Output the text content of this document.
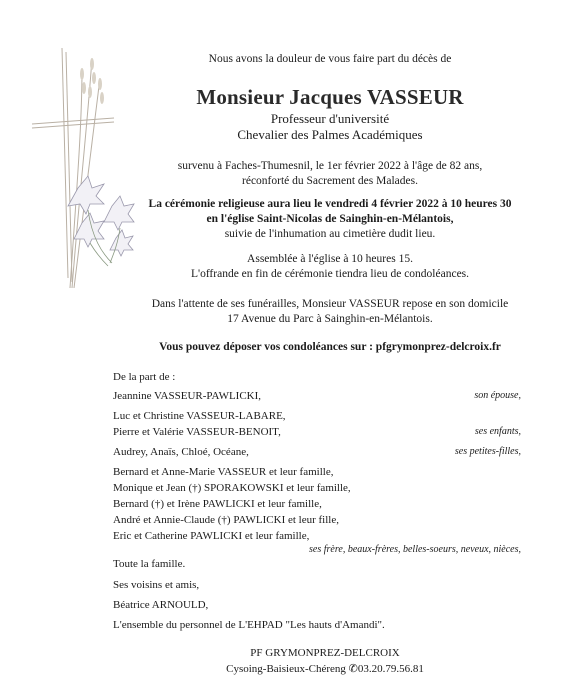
Nous avons la douleur de vous faire part du décès de
Monsieur Jacques VASSEUR
Professeur d'université
Chevalier des Palmes Académiques
survenu à Faches-Thumesnil, le 1er février 2022 à l'âge de 82 ans,
réconforté du Sacrement des Malades.
La cérémonie religieuse aura lieu le vendredi 4 février 2022 à 10 heures 30
en l'église Saint-Nicolas de Sainghin-en-Mélantois,
suivie de l'inhumation au cimetière dudit lieu.
Assemblée à l'église à 10 heures 15.
L'offrande en fin de cérémonie tiendra lieu de condoléances.
Dans l'attente de ses funérailles, Monsieur VASSEUR repose en son domicile
17 Avenue du Parc à Sainghin-en-Mélantois.
Vous pouvez déposer vos condoléances sur : pfgrymonprez-delcroix.fr
De la part de :
Jeannine VASSEUR-PAWLICKI,	son épouse,
Luc et Christine VASSEUR-LABARE,
Pierre et Valérie VASSEUR-BENOIT,	ses enfants,
Audrey, Anaïs, Chloé, Océane,	ses petites-filles,
Bernard et Anne-Marie VASSEUR et leur famille,
Monique et Jean (†) SPORAKOWSKI et leur famille,
Bernard (†) et Irène PAWLICKI et leur famille,
André et Annie-Claude (†) PAWLICKI et leur fille,
Eric et Catherine PAWLICKI et leur famille,
ses frère, beaux-frères, belles-soeurs, neveux, nièces,
Toute la famille.
Ses voisins et amis,
Béatrice ARNOULD,
L'ensemble du personnel de L'EHPAD "Les hauts d'Amandi".
PF GRYMONPREZ-DELCROIX
Cysoing-Baisieux-Chéreng ✆03.20.79.56.81
